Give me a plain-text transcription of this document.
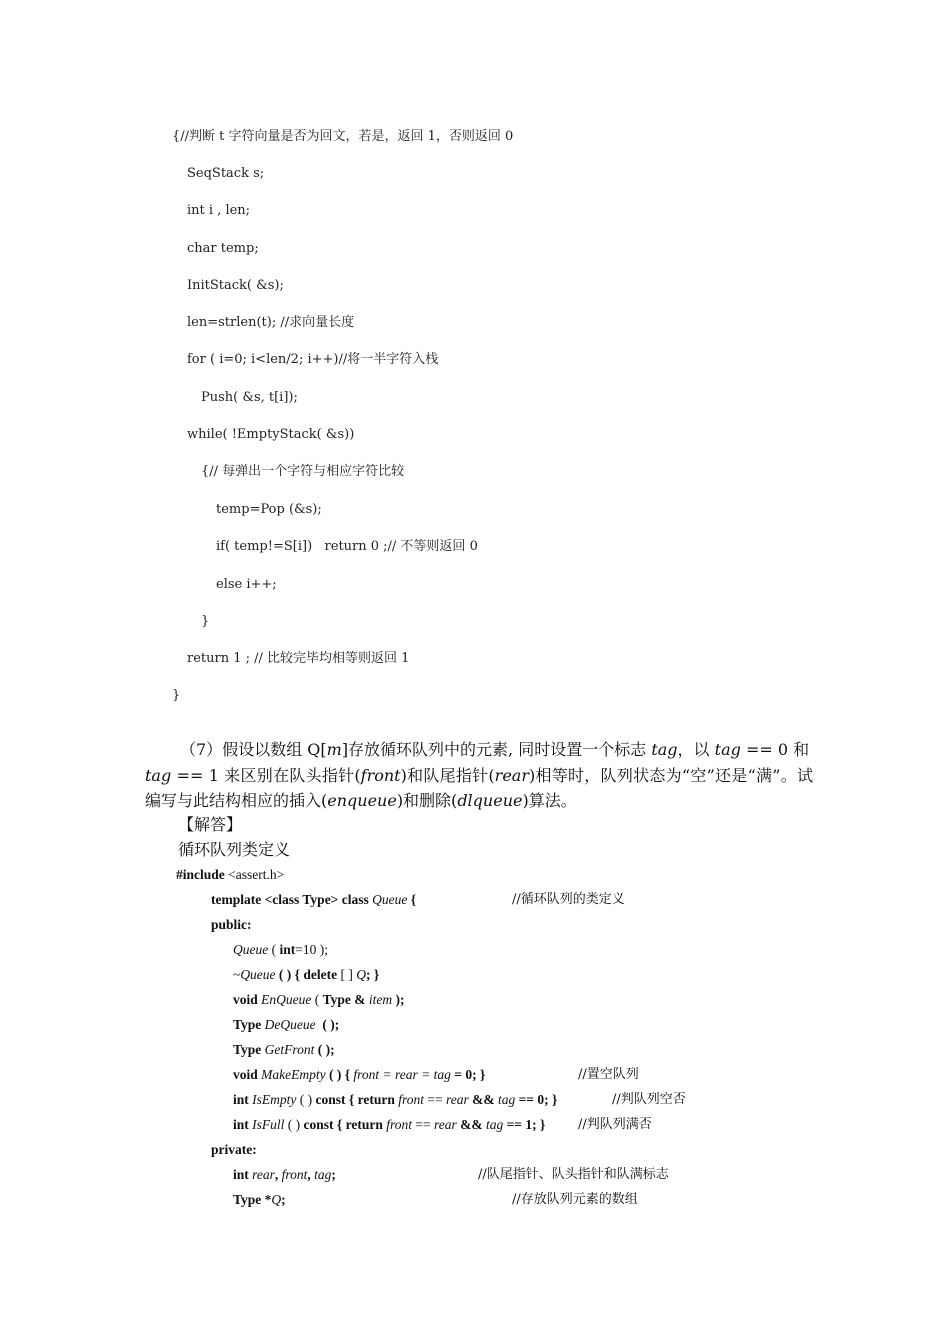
{//判断 t 字符向量是否为回文，若是，返回 1，否则返回 0
SeqStack s;
int i , len;
char temp;
InitStack( &s);
len=strlen(t); //求向量长度
for ( i=0; i<len/2; i++)//将一半字符入栈
Push( &s, t[i]);
while( !EmptyStack( &s))
{// 每弹出一个字符与相应字符比较
temp=Pop (&s);
if( temp!=S[i])   return 0 ;// 不等则返回 0
else i++;
}
return 1 ; // 比较完毕均相等则返回 1
}
（7）假设以数组 Q[m]存放循环队列中的元素, 同时设置一个标志 tag，以 tag == 0 和
tag == 1 来区别在队头指针(front)和队尾指针(rear)相等时，队列状态为“空”还是“满”。试编写与此结构相应的插入(enqueue)和删除(dlqueue)算法。
【解答】
循环队列类定义
#include <assert.h>
template <class Type> class Queue {	//循环队列的类定义
public:
Queue ( int=10 );
~Queue ( ) { delete [ ] Q; }
void EnQueue ( Type & item );
Type DeQueue  ( );
Type GetFront ( );
void MakeEmpty ( ) { front = rear = tag = 0; }	//置空队列
int IsEmpty ( ) const { return front == rear && tag == 0; }	//判队列空否
int IsFull ( ) const { return front == rear && tag == 1; }	//判队列满否
private:
int rear, front, tag;	//队尾指针、队头指针和队满标志
Type *Q;	//存放队列元素的数组
